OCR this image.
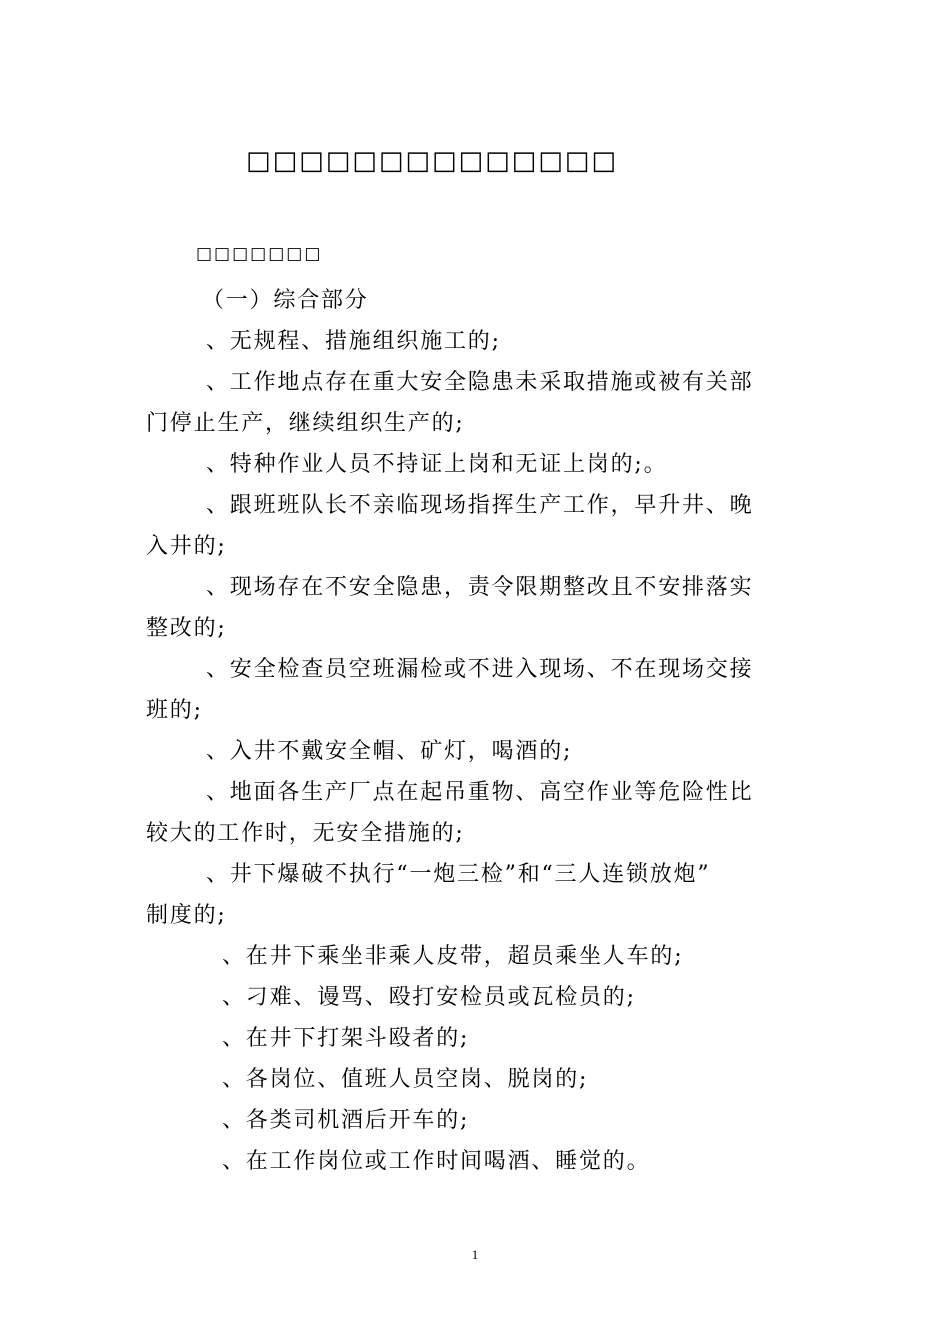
□□□□□□□□□□□□□□
□□□□□□□
（一）综合部分
、无规程、措施组织施工的;
、工作地点存在重大安全隐患未采取措施或被有关部
门停止生产，继续组织生产的;
、特种作业人员不持证上岗和无证上岗的;。
、跟班班队长不亲临现场指挥生产工作，早升井、晚
入井的;
、现场存在不安全隐患，责令限期整改且不安排落实
整改的;
、安全检查员空班漏检或不进入现场、不在现场交接
班的;
、入井不戴安全帽、矿灯，喝酒的;
、地面各生产厂点在起吊重物、高空作业等危险性比
较大的工作时，无安全措施的;
、井下爆破不执行“一炮三检”和“三人连锁放炮”
制度的;
、在井下乘坐非乘人皮带，超员乘坐人车的;
、刁难、谩骂、殴打安检员或瓦检员的;
、在井下打架斗殴者的;
、各岗位、值班人员空岗、脱岗的;
、各类司机酒后开车的;
、在工作岗位或工作时间喝酒、睡觉的。
1
